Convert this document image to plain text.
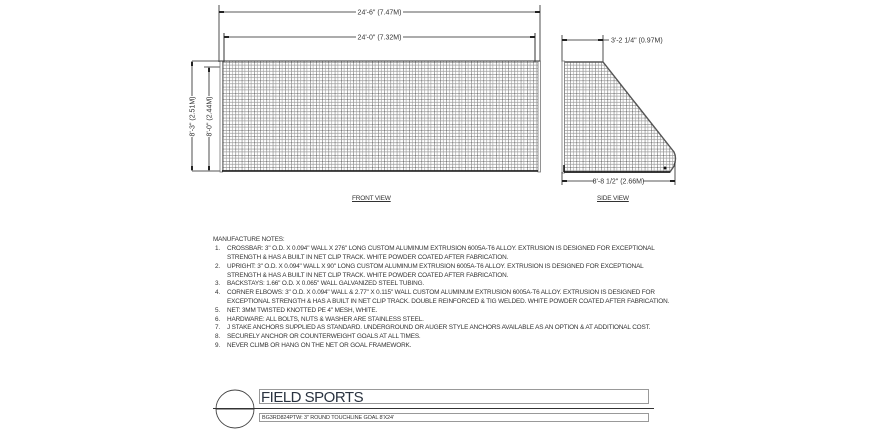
24'-6" (7.47M)
24'-0" (7.32M)
8'-3" (2.51M) 8'-0" (2.44M)
3'-2 1/4" (0.97M)
8'-8 1/2" (2.66M)
FRONT VIEW	SIDE VIEW
MANUFACTURE NOTES:
1.	CROSSBAR: 3" O.D. X 0.094" WALL X 276" LONG CUSTOM ALUMINUM EXTRUSION 6005A-T6 ALLOY. EXTRUSION IS DESIGNED FOR EXCEPTIONAL STRENGTH & HAS A BUILT IN NET CLIP TRACK. WHITE POWDER COATED AFTER FABRICATION.
2.	UPRIGHT: 3" O.D. X 0.094" WALL X 90" LONG CUSTOM ALUMINUM EXTRUSION 6005A-T6 ALLOY. EXTRUSION IS DESIGNED FOR EXCEPTIONAL STRENGTH & HAS A BUILT IN NET CLIP TRACK. WHITE POWDER COATED AFTER FABRICATION.
3.	BACKSTAYS: 1.66" O.D. X 0.065" WALL GALVANIZED STEEL TUBING.
4.	CORNER ELBOWS: 3" O.D. X 0.094" WALL & 2.77" X 0.115" WALL CUSTOM ALUMINUM EXTRUSION 6005A-T6 ALLOY. EXTRUSION IS DESIGNED FOR EXCEPTIONAL STRENGTH & HAS A BUILT IN NET CLIP TRACK. DOUBLE REINFORCED & TIG WELDED. WHITE POWDER COATED AFTER FABRICATION.
5.	NET: 3MM TWISTED KNOTTED PE 4" MESH, WHITE.
6.	HARDWARE: ALL BOLTS, NUTS & WASHER ARE STAINLESS STEEL.
7.	J STAKE ANCHORS SUPPLIED AS STANDARD. UNDERGROUND OR AUGER STYLE ANCHORS AVAILABLE AS AN OPTION & AT ADDITIONAL COST.
8.	SECURELY ANCHOR OR COUNTERWEIGHT GOALS AT ALL TIMES.
9.	NEVER CLIMB OR HANG ON THE NET OR GOAL FRAMEWORK.
FIELD SPORTS
BG3RD824PTW: 3" ROUND TOUCHLINE GOAL 8'X24'
